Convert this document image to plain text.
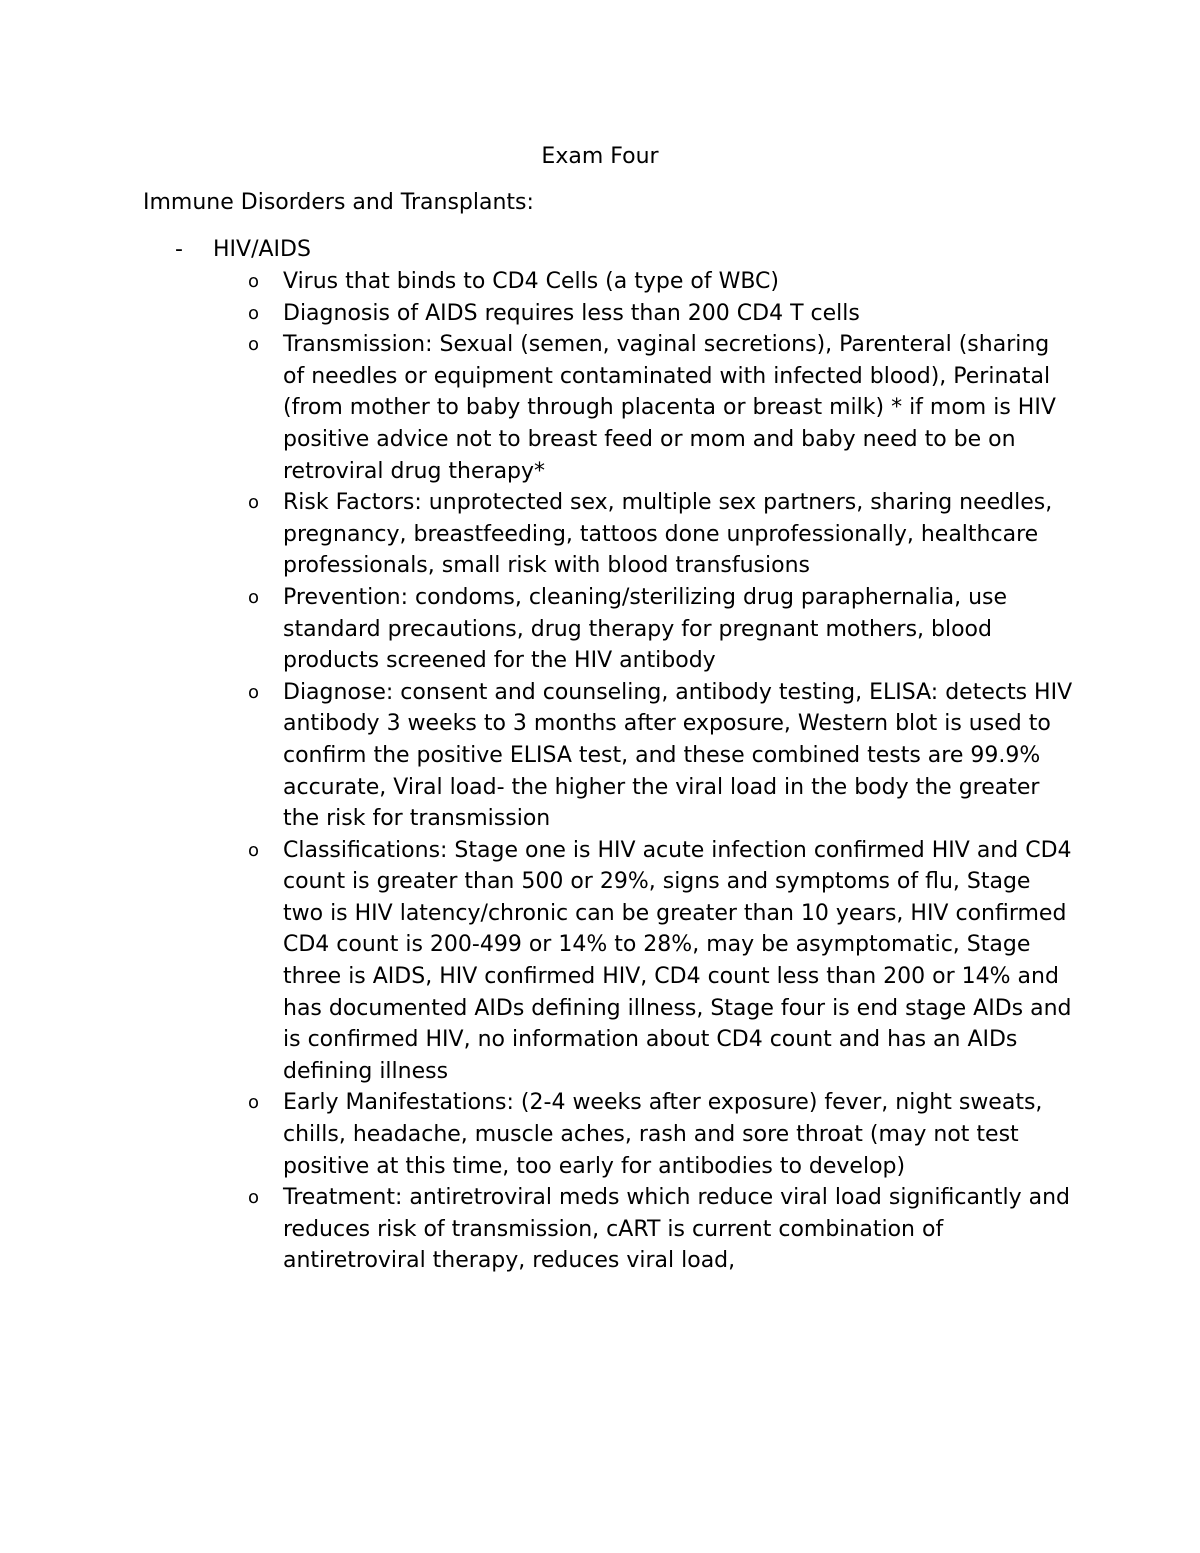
Exam Four
Immune Disorders and Transplants:
- HIV/AIDS
o Virus that binds to CD4 Cells (a type of WBC)
o Diagnosis of AIDS requires less than 200 CD4 T cells
o Transmission: Sexual (semen, vaginal secretions), Parenteral (sharing of needles or equipment contaminated with infected blood), Perinatal (from mother to baby through placenta or breast milk) * if mom is HIV positive advice not to breast feed or mom and baby need to be on retroviral drug therapy*
o Risk Factors: unprotected sex, multiple sex partners, sharing needles, pregnancy, breastfeeding, tattoos done unprofessionally, healthcare professionals, small risk with blood transfusions
o Prevention: condoms, cleaning/sterilizing drug paraphernalia, use standard precautions, drug therapy for pregnant mothers, blood products screened for the HIV antibody
o Diagnose: consent and counseling, antibody testing, ELISA: detects HIV antibody 3 weeks to 3 months after exposure, Western blot is used to confirm the positive ELISA test, and these combined tests are 99.9% accurate, Viral load- the higher the viral load in the body the greater the risk for transmission
o Classifications: Stage one is HIV acute infection confirmed HIV and CD4 count is greater than 500 or 29%, signs and symptoms of flu, Stage two is HIV latency/chronic can be greater than 10 years, HIV confirmed CD4 count is 200-499 or 14% to 28%, may be asymptomatic, Stage three is AIDS, HIV confirmed HIV, CD4 count less than 200 or 14% and has documented AIDs defining illness, Stage four is end stage AIDs and is confirmed HIV, no information about CD4 count and has an AIDs defining illness
o Early Manifestations: (2-4 weeks after exposure) fever, night sweats, chills, headache, muscle aches, rash and sore throat (may not test positive at this time, too early for antibodies to develop)
o Treatment: antiretroviral meds which reduce viral load significantly and reduces risk of transmission, cART is current combination of antiretroviral therapy, reduces viral load,
